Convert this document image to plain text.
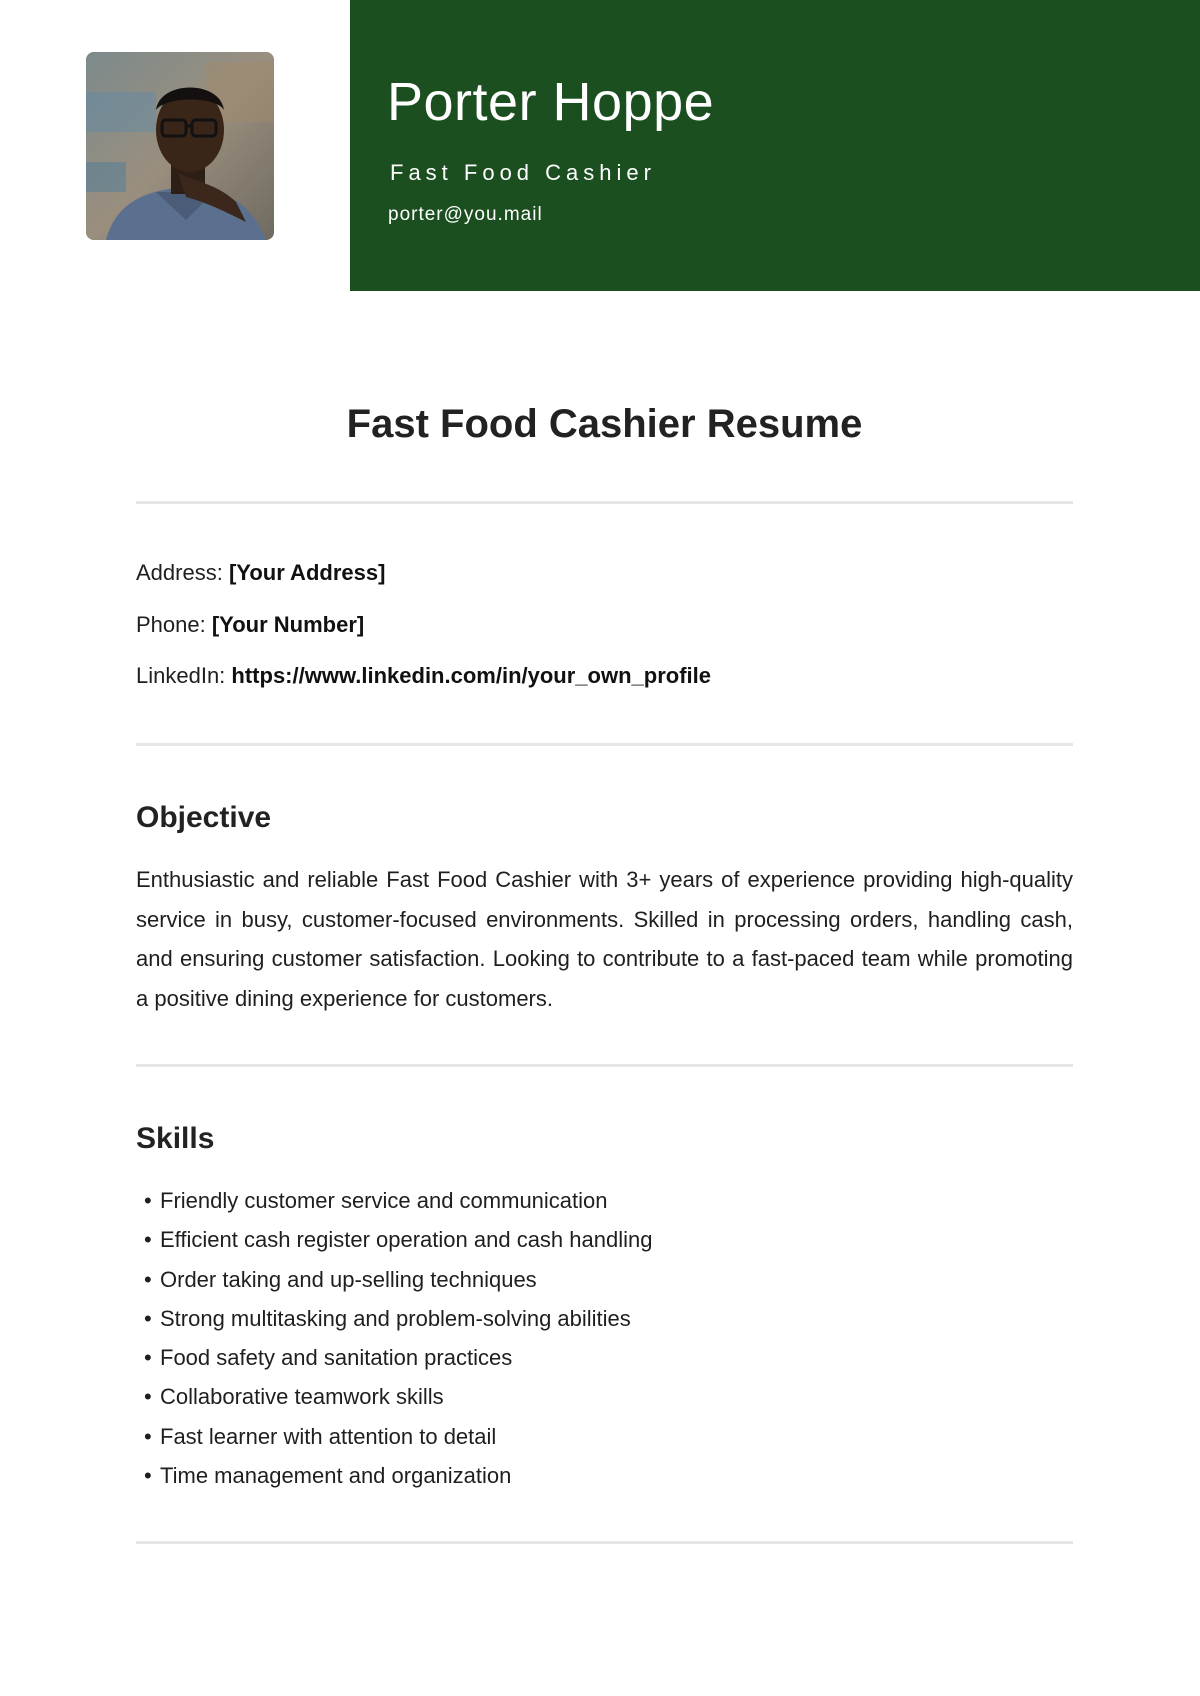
Porter Hoppe
Fast Food Cashier
porter@you.mail
Fast Food Cashier Resume
Address: [Your Address]
Phone: [Your Number]
LinkedIn: https://www.linkedin.com/in/your_own_profile
Objective

Enthusiastic and reliable Fast Food Cashier with 3+ years of experience providing high-quality service in busy, customer-focused environments. Skilled in processing orders, handling cash, and ensuring customer satisfaction. Looking to contribute to a fast-paced team while promoting a positive dining experience for customers.

Skills
• Friendly customer service and communication
• Efficient cash register operation and cash handling
• Order taking and up-selling techniques
• Strong multitasking and problem-solving abilities
• Food safety and sanitation practices
• Collaborative teamwork skills
• Fast learner with attention to detail
• Time management and organization
